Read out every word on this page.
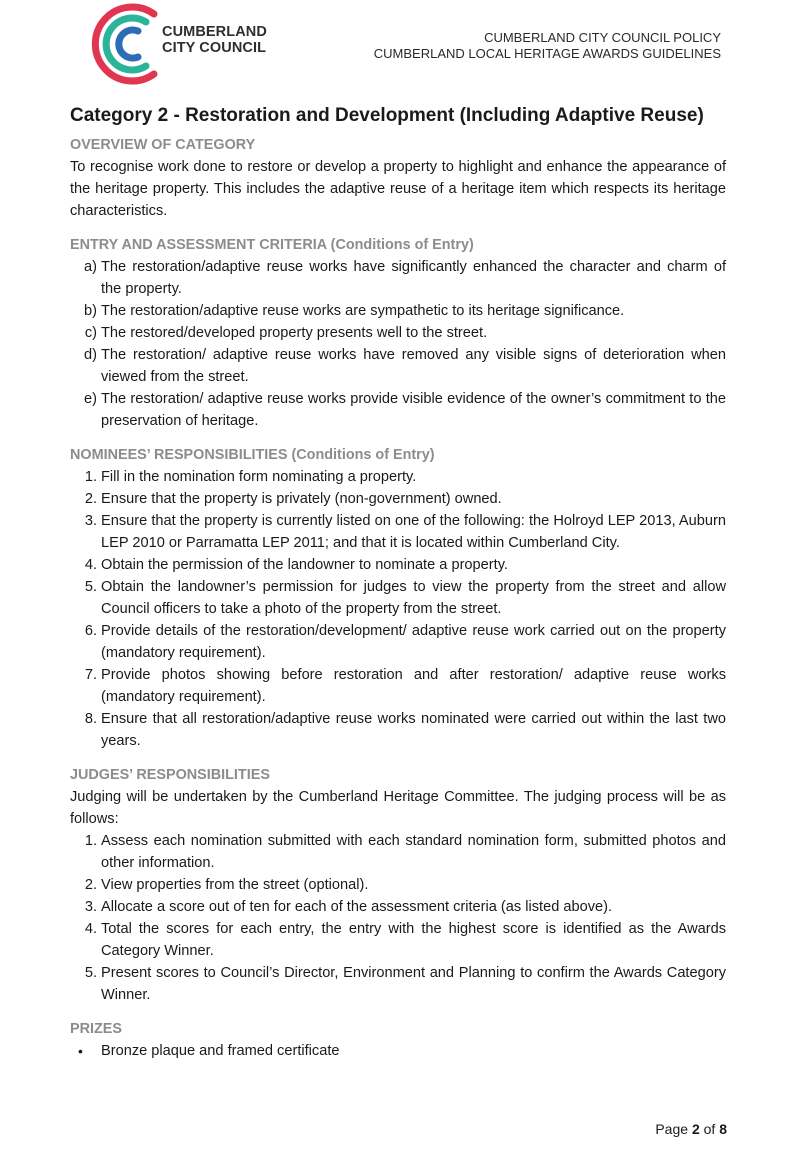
CUMBERLAND
CITY COUNCIL
CUMBERLAND CITY COUNCIL POLICY
CUMBERLAND LOCAL HERITAGE AWARDS GUIDELINES
Category 2 - Restoration and Development (Including Adaptive Reuse)
OVERVIEW OF CATEGORY

To recognise work done to restore or develop a property to highlight and enhance the appearance of the heritage property. This includes the adaptive reuse of a heritage item which respects its heritage characteristics.

ENTRY AND ASSESSMENT CRITERIA (Conditions of Entry)
a) The restoration/adaptive reuse works have significantly enhanced the character and charm of the property.
b) The restoration/adaptive reuse works are sympathetic to its heritage significance.
c) The restored/developed property presents well to the street.
d) The restoration/ adaptive reuse works have removed any visible signs of deterioration when viewed from the street.
e) The restoration/ adaptive reuse works provide visible evidence of the owner’s commitment to the preservation of heritage.
NOMINEES’ RESPONSIBILITIES (Conditions of Entry)
1. Fill in the nomination form nominating a property.
2. Ensure that the property is privately (non-government) owned.
3. Ensure that the property is currently listed on one of the following: the Holroyd LEP 2013, Auburn LEP 2010 or Parramatta LEP 2011; and that it is located within Cumberland City.
4. Obtain the permission of the landowner to nominate a property.
5. Obtain the landowner’s permission for judges to view the property from the street and allow Council officers to take a photo of the property from the street.
6. Provide details of the restoration/development/ adaptive reuse work carried out on the property (mandatory requirement).
7. Provide photos showing before restoration and after restoration/ adaptive reuse works (mandatory requirement).
8. Ensure that all restoration/adaptive reuse works nominated were carried out within the last two years.
JUDGES’ RESPONSIBILITIES

Judging will be undertaken by the Cumberland Heritage Committee. The judging process will be as follows:

1. Assess each nomination submitted with each standard nomination form, submitted photos and other information.
2. View properties from the street (optional).
3. Allocate a score out of ten for each of the assessment criteria (as listed above).
4. Total the scores for each entry, the entry with the highest score is identified as the Awards Category Winner.
5. Present scores to Council’s Director, Environment and Planning to confirm the Awards Category Winner.
PRIZES
•	Bronze plaque and framed certificate
Page 2 of 8
